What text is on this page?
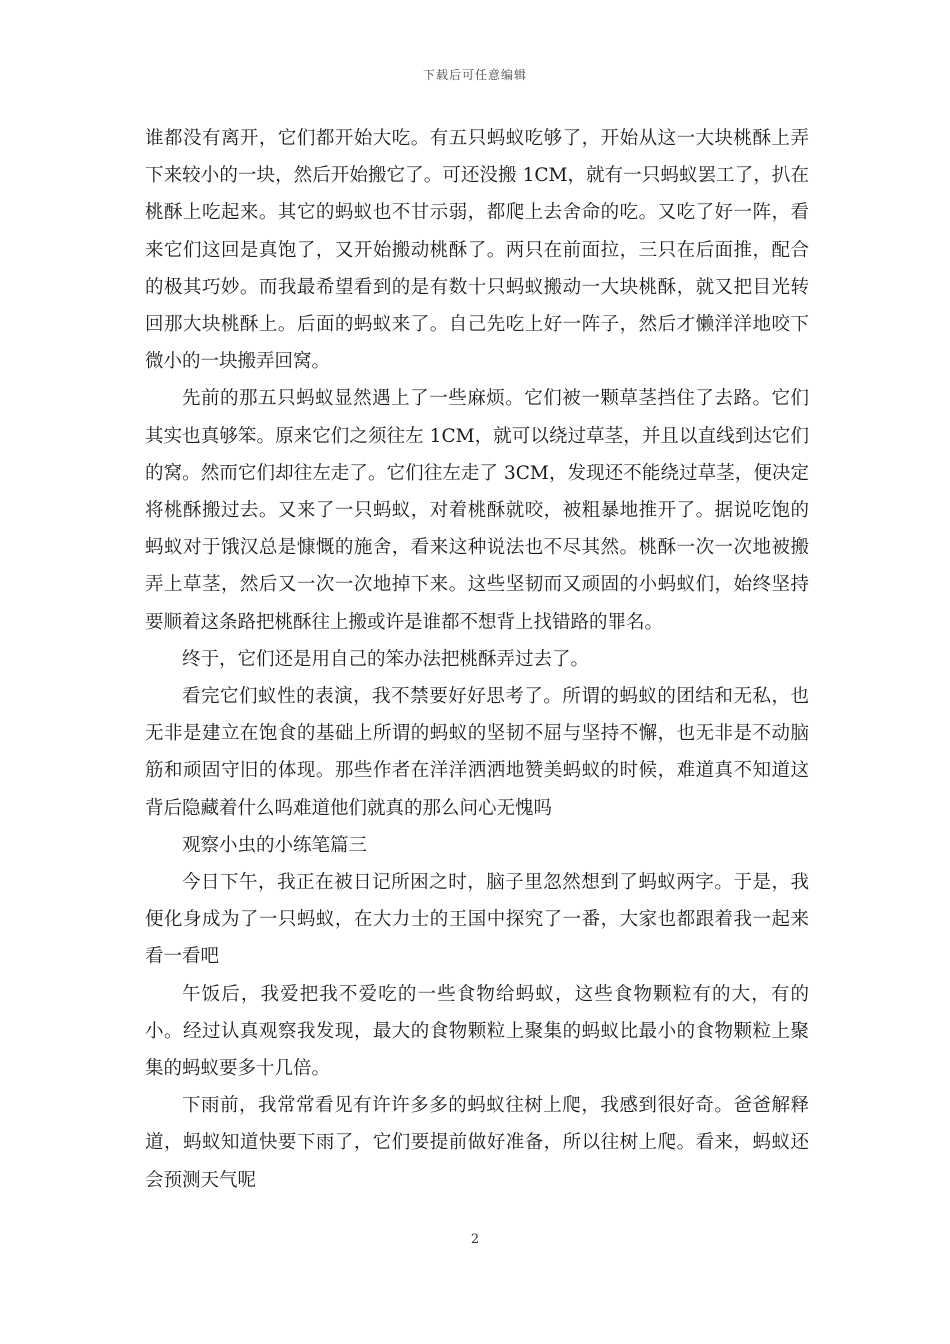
下载后可任意编辑

谁都没有离开，它们都开始大吃。有五只蚂蚁吃够了，开始从这一大块桃酥上弄下来较小的一块，然后开始搬它了。可还没搬 1CM，就有一只蚂蚁罢工了，扒在桃酥上吃起来。其它的蚂蚁也不甘示弱，都爬上去舍命的吃。又吃了好一阵，看来它们这回是真饱了，又开始搬动桃酥了。两只在前面拉，三只在后面推，配合的极其巧妙。而我最希望看到的是有数十只蚂蚁搬动一大块桃酥，就又把目光转回那大块桃酥上。后面的蚂蚁来了。自己先吃上好一阵子，然后才懒洋洋地咬下微小的一块搬弄回窝。

先前的那五只蚂蚁显然遇上了一些麻烦。它们被一颗草茎挡住了去路。它们其实也真够笨。原来它们之须往左 1CM，就可以绕过草茎，并且以直线到达它们的窝。然而它们却往左走了。它们往左走了 3CM，发现还不能绕过草茎，便决定将桃酥搬过去。又来了一只蚂蚁，对着桃酥就咬，被粗暴地推开了。据说吃饱的蚂蚁对于饿汉总是慷慨的施舍，看来这种说法也不尽其然。桃酥一次一次地被搬弄上草茎，然后又一次一次地掉下来。这些坚韧而又顽固的小蚂蚁们，始终坚持要顺着这条路把桃酥往上搬或许是谁都不想背上找错路的罪名。

终于，它们还是用自己的笨办法把桃酥弄过去了。

看完它们蚁性的表演，我不禁要好好思考了。所谓的蚂蚁的团结和无私，也无非是建立在饱食的基础上所谓的蚂蚁的坚韧不屈与坚持不懈，也无非是不动脑筋和顽固守旧的体现。那些作者在洋洋洒洒地赞美蚂蚁的时候，难道真不知道这背后隐藏着什么吗难道他们就真的那么问心无愧吗

观察小虫的小练笔篇三

今日下午，我正在被日记所困之时，脑子里忽然想到了蚂蚁两字。于是，我便化身成为了一只蚂蚁，在大力士的王国中探究了一番，大家也都跟着我一起来看一看吧

午饭后，我爱把我不爱吃的一些食物给蚂蚁，这些食物颗粒有的大，有的小。经过认真观察我发现，最大的食物颗粒上聚集的蚂蚁比最小的食物颗粒上聚集的蚂蚁要多十几倍。

下雨前，我常常看见有许许多多的蚂蚁往树上爬，我感到很好奇。爸爸解释道，蚂蚁知道快要下雨了，它们要提前做好准备，所以往树上爬。看来，蚂蚁还会预测天气呢

2
